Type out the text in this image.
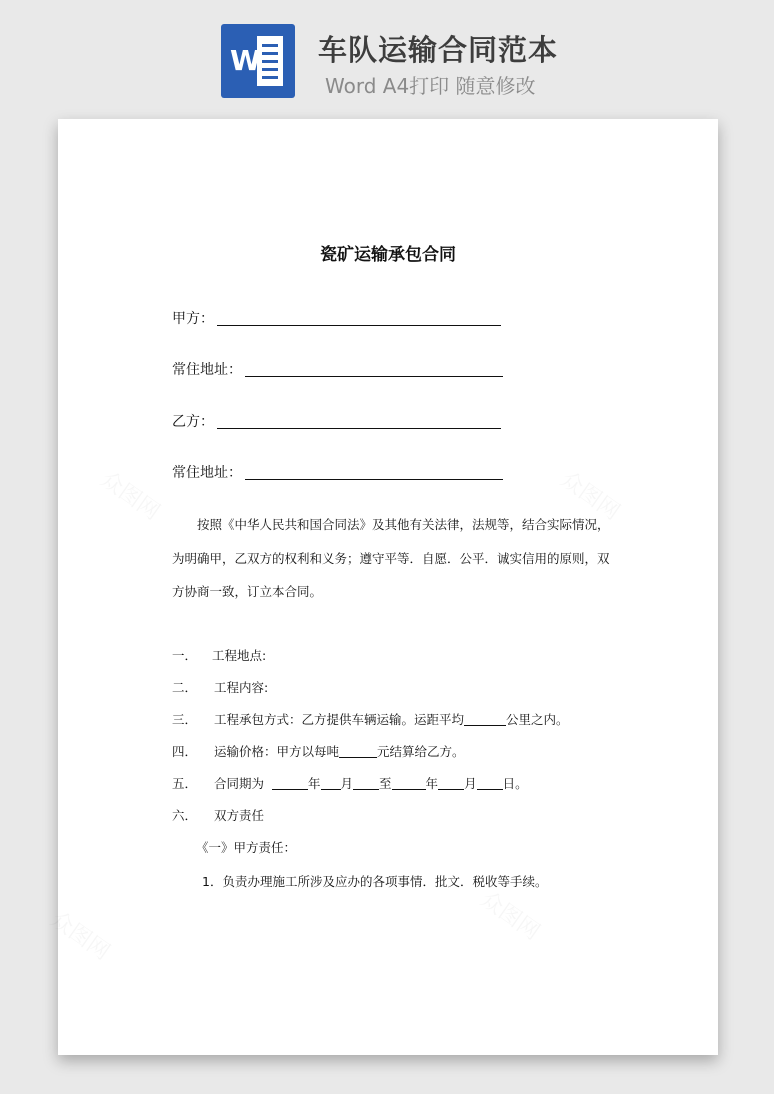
W 车队运输合同范本
Word A4打印 随意修改
瓷矿运输承包合同
甲方：
常住地址：
乙方：
常住地址：
按照《中华人民共和国合同法》及其他有关法律，法规等，结合实际情况，
为明确甲，乙双方的权利和义务；遵守平等．自愿．公平．诚实信用的原则，双
方协商一致，订立本合同。
一． 工程地点:
二． 工程内容:
三． 工程承包方式：乙方提供车辆运输。运距平均	公里之内。
四． 运输价格：甲方以每吨	元结算给乙方。
五． 合同期为	年 月 至	年 月 日。
六． 双方责任
《一》甲方责任：
1．负责办理施工所涉及应办的各项事情．批文．税收等手续。
